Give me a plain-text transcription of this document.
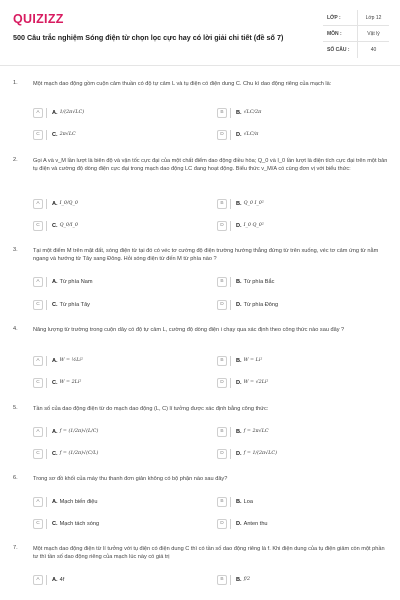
QUIZIZZ
500 Câu trắc nghiệm Sóng điện từ chọn lọc cực hay có lời giải chi tiết (đề số 7)
LỚP :	Lớp 12
MÔN :	Vật lý
SỐ CÂU :	40
1.	Một mạch dao động gồm cuộn cảm thuần có độ tự cảm L và tụ điện có điện dung C. Chu kì dao động riêng của mạch là:
A	A. 1/(2π√LC)	B	B. √LC/2π
C	C. 2π√LC	D	D. √LC/π
2.	Gọi A và v_M lần lượt là biên độ và vận tốc cực đại của một chất điểm dao động điều hòa; Q_0 và I_0 lần lượt là điện tích cực đại trên một bản tụ điện và cường độ dòng điện cực đại trong mạch dao động LC đang hoạt động. Biểu thức v_M/A có cùng đơn vị với biểu thức:
A	A. I_0/Q_0	B	B. Q_0 I_0²
C	C. Q_0/I_0	D	D. I_0 Q_0²
3.	Tại một điểm M trên mặt đất, sóng điện từ tại đó có véc tơ cường độ điện trường hướng thẳng đứng từ trên xuống, véc tơ cảm ứng từ nằm ngang và hướng từ Tây sang Đông. Hỏi sóng điện từ đến M từ phía nào ?
A	A. Từ phía Nam	B	B. Từ phía Bắc
C	C. Từ phía Tây	D	D. Từ phía Đông
4.	Năng lượng từ trường trong cuộn dây có độ tự cảm L, cường độ dòng điện i chạy qua xác định theo công thức nào sau đây ?
A	A. W = ½Li²	B	B. W = Li²
C	C. W = 2Li²	D	D. W = √2Li²
5.	Tần số của dao động điện từ do mạch dao động (L, C) lí tưởng được xác định bằng công thức:
A	A. f = (1/2π)√(L/C)	B	B. f = 2π√LC
C	C. f = (1/2π)√(C/L)	D	D. f = 1/(2π√LC)
6.	Trong sơ đồ khối của máy thu thanh đơn giản không có bộ phận nào sau đây?
A	A. Mạch biến điệu	B	B. Loa
C	C. Mạch tách sóng	D	D. Anten thu
7.	Một mạch dao động điện từ lí tưởng với tụ điện có điện dung C thì có tần số dao động riêng là f. Khi điện dung của tụ điện giảm còn một phần tư thì tần số dao động riêng của mạch lúc này có giá trị
A	A. 4f	B	B. f/2
